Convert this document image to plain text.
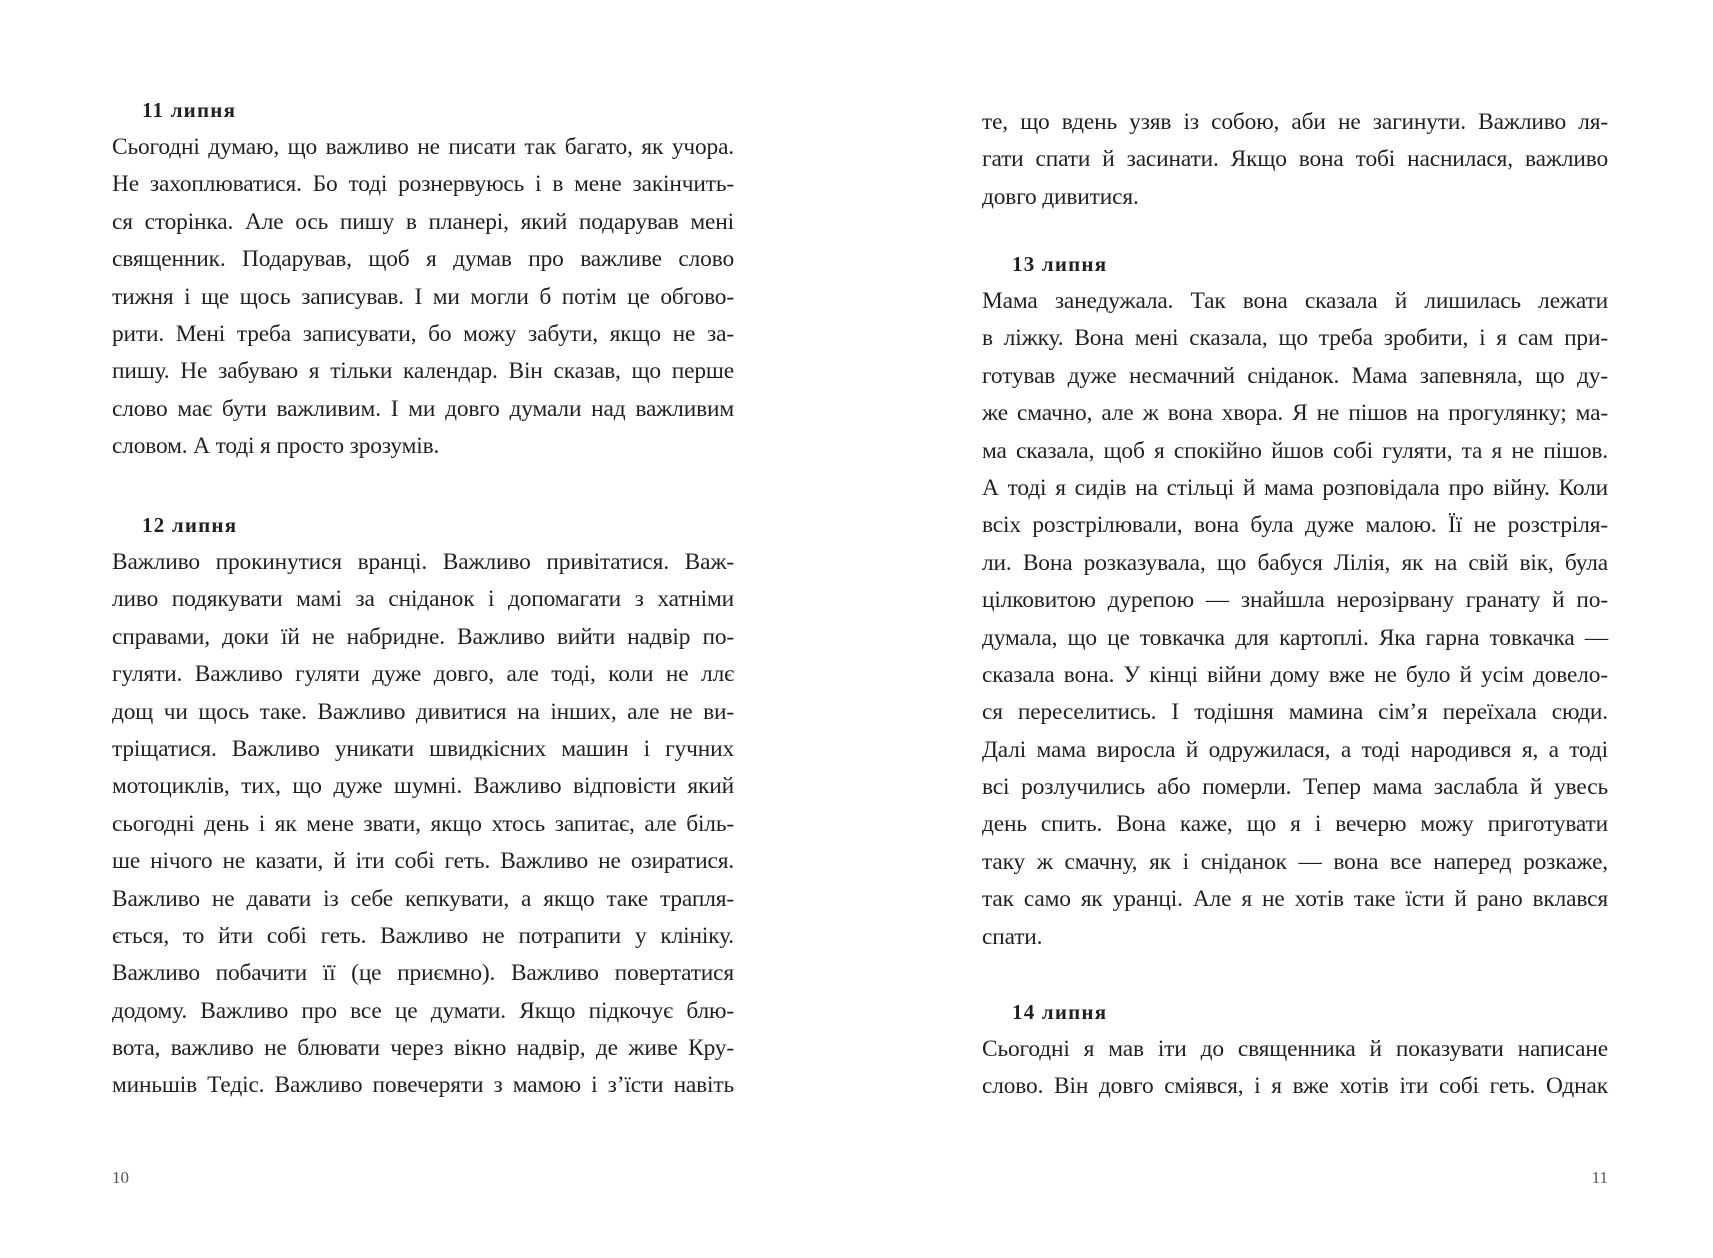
11 липня
Сьогодні думаю, що важливо не писати так багато, як учора.
Не захоплюватися. Бо тоді рознервуюсь і в мене закінчить-
ся сторінка. Але ось пишу в планері, який подарував мені
священник. Подарував, щоб я думав про важливе слово
тижня і ще щось записував. І ми могли б потім це обгово-
рити. Мені треба записувати, бо можу забути, якщо не за-
пишу. Не забуваю я тільки календар. Він сказав, що перше
слово має бути важливим. І ми довго думали над важливим
словом. А тоді я просто зрозумів.
12 липня
Важливо прокинутися вранці. Важливо привітатися. Важ-
ливо подякувати мамі за сніданок і допомагати з хатніми
справами, доки їй не набридне. Важливо вийти надвір по-
гуляти. Важливо гуляти дуже довго, але тоді, коли не ллє
дощ чи щось таке. Важливо дивитися на інших, але не ви-
тріщатися. Важливо уникати швидкісних машин і гучних
мотоциклів, тих, що дуже шумні. Важливо відповісти який
сьогодні день і як мене звати, якщо хтось запитає, але біль-
ше нічого не казати, й іти собі геть. Важливо не озиратися.
Важливо не давати із себе кепкувати, а якщо таке трапля-
ється, то йти собі геть. Важливо не потрапити у клініку.
Важливо побачити її (це приємно). Важливо повертатися
додому. Важливо про все це думати. Якщо підкочує блю-
вота, важливо не блювати через вікно надвір, де живе Кру-
миньшів Тедіс. Важливо повечеряти з мамою і з’їсти навіть
10
те, що вдень узяв із собою, аби не загинути. Важливо ля-
гати спати й засинати. Якщо вона тобі наснилася, важливо
довго дивитися.
13 липня
Мама занедужала. Так вона сказала й лишилась лежати
в ліжку. Вона мені сказала, що треба зробити, і я сам при-
готував дуже несмачний сніданок. Мама запевняла, що ду-
же смачно, але ж вона хвора. Я не пішов на прогулянку; ма-
ма сказала, щоб я спокійно йшов собі гуляти, та я не пішов.
А тоді я сидів на стільці й мама розповідала про війну. Коли
всіх розстрілювали, вона була дуже малою. Її не розстріля-
ли. Вона розказувала, що бабуся Лілія, як на свій вік, була
цілковитою дурепою — знайшла нерозірвану гранату й по-
думала, що це товкачка для картоплі. Яка гарна товкачка —
сказала вона. У кінці війни дому вже не було й усім довело-
ся переселитись. І тодішня мамина сім’я переїхала сюди.
Далі мама виросла й одружилася, а тоді народився я, а тоді
всі розлучились або померли. Тепер мама заслабла й увесь
день спить. Вона каже, що я і вечерю можу приготувати
таку ж смачну, як і сніданок — вона все наперед розкаже,
так само як уранці. Але я не хотів таке їсти й рано вклався
спати.
14 липня
Сьогодні я мав іти до священника й показувати написане
слово. Він довго сміявся, і я вже хотів іти собі геть. Однак
11
